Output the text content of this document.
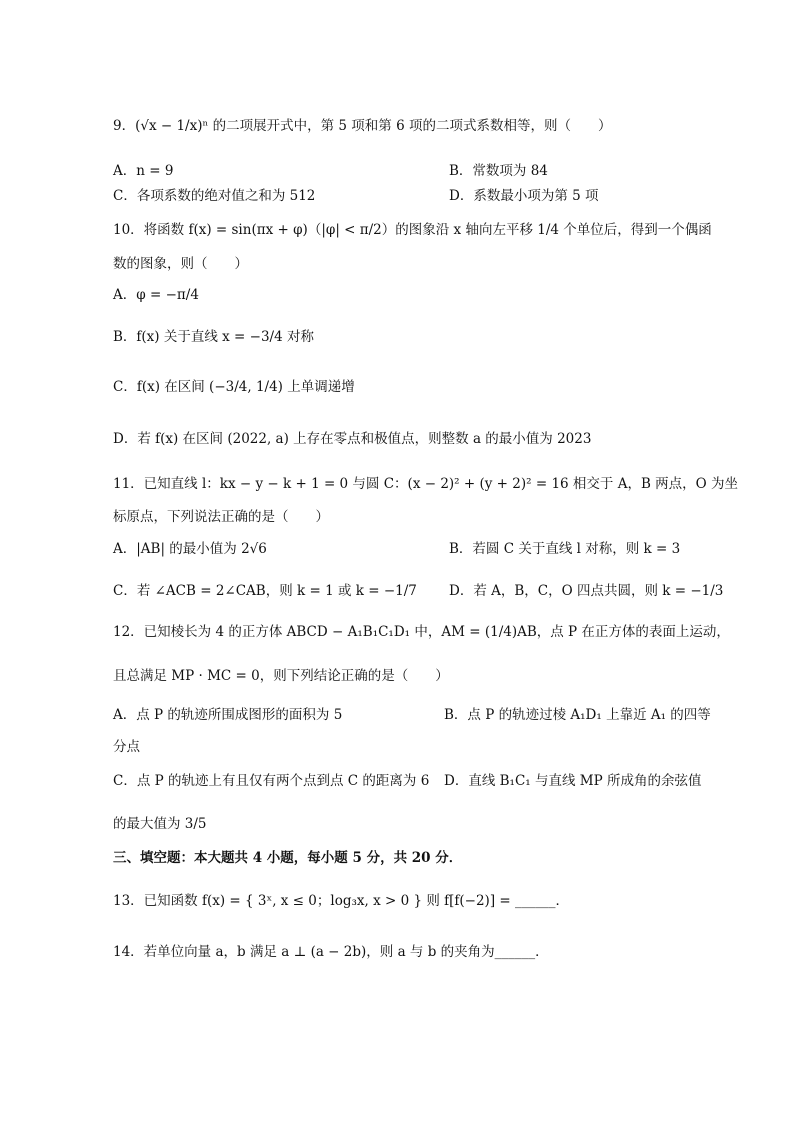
9．(√x − 1/x)ⁿ 的二项展开式中，第 5 项和第 6 项的二项式系数相等，则（　　）
A．n = 9	B．常数项为 84
C．各项系数的绝对值之和为 512	D．系数最小项为第 5 项
10．将函数 f(x) = sin(πx + φ)（|φ| < π/2）的图象沿 x 轴向左平移 1/4 个单位后，得到一个偶函
数的图象，则（　　）
A．φ = −π/4
B．f(x) 关于直线 x = −3/4 对称
C．f(x) 在区间 (−3/4, 1/4) 上单调递增
D．若 f(x) 在区间 (2022, a) 上存在零点和极值点，则整数 a 的最小值为 2023
11．已知直线 l：kx − y − k + 1 = 0 与圆 C：(x − 2)² + (y + 2)² = 16 相交于 A，B 两点，O 为坐
标原点，下列说法正确的是（　　）
A．|AB| 的最小值为 2√6	B．若圆 C 关于直线 l 对称，则 k = 3
C．若 ∠ACB = 2∠CAB，则 k = 1 或 k = −1/7 D．若 A，B，C，O 四点共圆，则 k = −1/3
12．已知棱长为 4 的正方体 ABCD − A₁B₁C₁D₁ 中，AM = (1/4)AB，点 P 在正方体的表面上运动，
且总满足 MP · MC = 0，则下列结论正确的是（　　）
A．点 P 的轨迹所围成图形的面积为 5	B．点 P 的轨迹过棱 A₁D₁ 上靠近 A₁ 的四等
分点
C．点 P 的轨迹上有且仅有两个点到点 C 的距离为 6 D．直线 B₁C₁ 与直线 MP 所成角的余弦值
的最大值为 3/5
三、填空题：本大题共 4 小题，每小题 5 分，共 20 分．
13．已知函数 f(x) = { 3ˣ, x ≤ 0；log₃x, x > 0 } 则 f[f(−2)] = ______．
14．若单位向量 a，b 满足 a ⊥ (a − 2b)，则 a 与 b 的夹角为______．
